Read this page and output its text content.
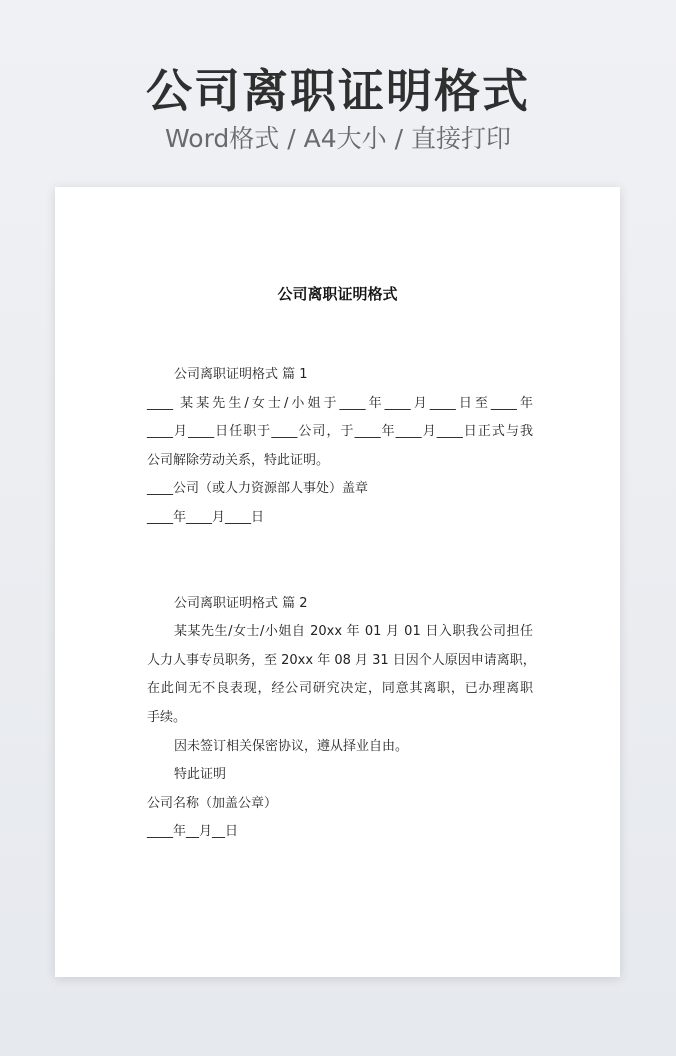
公司离职证明格式
Word格式 / A4大小 / 直接打印
公司离职证明格式

公司离职证明格式 篇 1

____ 某某先生/女士/小姐于____年____月____日至____年

____月____日任职于____公司，于____年____月____日正式与我

公司解除劳动关系，特此证明。

____公司（或人力资源部人事处）盖章

____年____月____日

公司离职证明格式 篇 2

某某先生/女士/小姐自 20xx 年 01 月 01 日入职我公司担任

人力人事专员职务，至 20xx 年 08 月 31 日因个人原因申请离职，

在此间无不良表现，经公司研究决定，同意其离职，已办理离职

手续。

因未签订相关保密协议，遵从择业自由。

特此证明

公司名称（加盖公章）

____年__月__日
